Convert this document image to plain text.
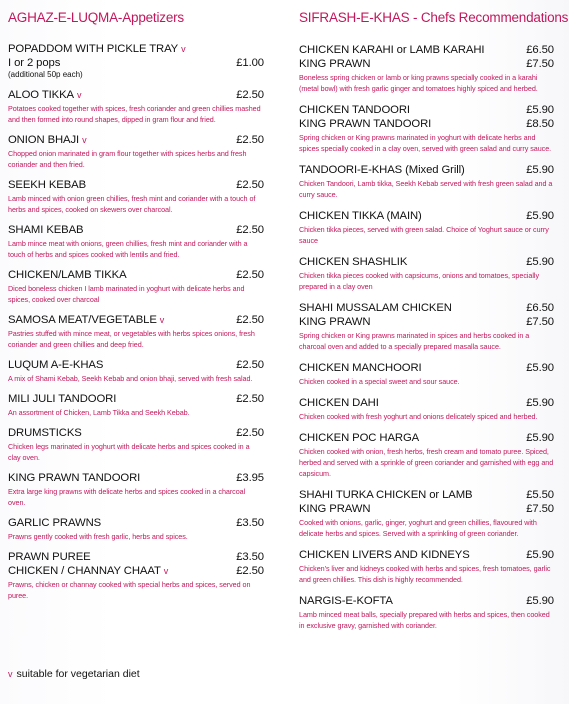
AGHAZ-E-LUQMA-Appetizers
POPADDOM WITH PICKLE TRAY v
I or 2 pops	£1.00
(additional 50p each)
ALOO TIKKA v	£2.50
Potatoes cooked together with spices, fresh coriander and green chillies mashed and then formed into round shapes, dipped in gram flour and fried.
ONION BHAJI v	£2.50
Chopped onion marinated in gram flour together with spices herbs and fresh coriander and then fried.
SEEKH KEBAB	£2.50
Lamb minced with onion green chillies, fresh mint and coriander with a touch of herbs and spices, cooked on skewers over charcoal.
SHAMI KEBAB	£2.50
Lamb mince meat with onions, green chillies, fresh mint and coriander with a touch of herbs and spices cooked with lentils and fried.
CHICKEN/LAMB TIKKA	£2.50
Diced boneless chicken I lamb marinated in yoghurt with delicate herbs and spices, cooked over charcoal
SAMOSA MEAT/VEGETABLE v	£2.50
Pastries stuffed with mince meat, or vegetables with herbs spices onions, fresh coriander and green chillies and deep fried.
LUQUM A-E-KHAS	£2.50
A mix of Shami Kebab, Seekh Kebab and onion bhaji, served with fresh salad.
MILI JULI TANDOORI	£2.50
An assortment of Chicken, Lamb Tikka and Seekh Kebab.
DRUMSTICKS	£2.50
Chicken legs marinated in yoghurt with delicate herbs and spices cooked in a clay oven.
KING PRAWN TANDOORI	£3.95
Extra large king prawns with delicate herbs and spices cooked in a charcoal oven.
GARLIC PRAWNS	£3.50
Prawns gently cooked with fresh garlic, herbs and spices.
PRAWN PUREE	£3.50
CHICKEN / CHANNAY CHAAT v	£2.50
Prawns, chicken or channay cooked with special herbs and spices, served on puree.
SIFRASH-E-KHAS - Chefs Recommendations
CHICKEN KARAHI or LAMB KARAHI	£6.50
KING PRAWN	£7.50
Boneless spring chicken or lamb or king prawns specially cooked in a karahi (metal bowl) with fresh garlic ginger and tomatoes highly spiced and herbed.
CHICKEN TANDOORI	£5.90
KING PRAWN TANDOORI	£8.50
Spring chicken or King prawns marinated in yoghurt with delicate herbs and spices specially cooked in a clay oven, served with green salad and curry sauce.
TANDOORI-E-KHAS (Mixed Grill)	£5.90
Chicken Tandoori, Lamb tikka, Seekh Kebab served with fresh green salad and a curry sauce.
CHICKEN TIKKA (MAIN)	£5.90
Chicken tikka pieces, served with green salad. Choice of Yoghurt sauce or curry sauce
CHICKEN SHASHLIK	£5.90
Chicken tikka pieces cooked with capsicums, onions and tomatoes, specially prepared in a clay oven
SHAHI MUSSALAM CHICKEN	£6.50
KING PRAWN	£7.50
Spring chicken or King prawns marinated in spices and herbs cooked in a charcoal oven and added to a specially prepared masalla sauce.
CHICKEN MANCHOORI	£5.90
Chicken cooked in a special sweet and sour sauce.
CHICKEN DAHI	£5.90
Chicken cooked with fresh yoghurt and onions delicately spiced and herbed.
CHICKEN POC HARGA	£5.90
Chicken cooked with onion, fresh herbs, fresh cream and tomato puree. Spiced, herbed and served with a sprinkle of green coriander and garnished with egg and capsicum.
SHAHI TURKA CHICKEN or LAMB	£5.50
KING PRAWN	£7.50
Cooked with onions, garlic, ginger, yoghurt and green chillies, flavoured with delicate herbs and spices. Served with a sprinkling of green coriander.
CHICKEN LIVERS AND KIDNEYS	£5.90
Chicken's liver and kidneys cooked with herbs and spices, fresh tomatoes, garlic and green chillies. This dish is highly recommended.
NARGIS-E-KOFTA	£5.90
Lamb minced meat balls, specially prepared with herbs and spices, then cooked in exclusive gravy, garnished with coriander.
v suitable for vegetarian diet
